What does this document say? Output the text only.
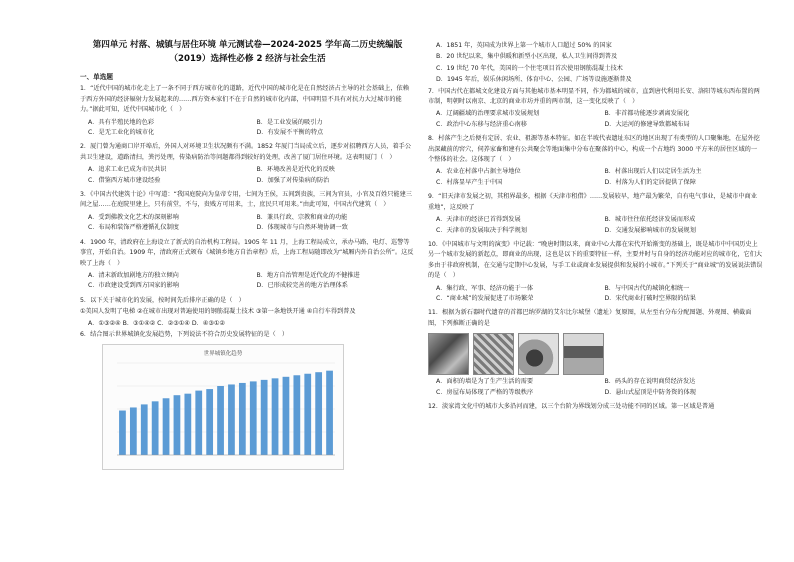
第四单元 村落、城镇与居住环境 单元测试卷—2024-2025 学年高二历史统编版
（2019）选择性必修 2 经济与社会生活
一、单选题
1．“近代中国的城市化走上了一条不同于西方城市化的道路，近代中国的城市化是在自然经济占主导的社会基础上，依赖于西方外国的经济辐射力发展起来的……西方资本家们不在于自然的城市化内部，中国明显不具有对抗力大过城市的能力。”据此可知，近代中国城市化（　）
A．具有半殖民地的色彩	B．是工业发展的吸引力
C．是无工业化的城市化	D．有发展不平衡的特点
2．厦门曾为通商口岸开埠后，外国人对环境卫生状况颇有不满。1852 年厦门当局成立后，逐步对招聘西方人员，着手公共卫生建设，道路清扫，粪污处理，传染病防治等问题都得到较好的处理，改善了厦门居住环境。这表明厦门（　）
A．追求工业已成为市民共识	B．环境改善是近代化的反映
C．借鉴西方城市建设经验	D．加强了对传染病的防治
3．《中国古代建筑十论》中写道：“我国庭院向为皇帝专用，七间为王侯，五间到贵族，三间为官员，小官及百姓只能建三间之屋……在庭院里建上，只有前堂，不与，贵贱方可用来，士，庶民只可用来。”由此可知，中国古代建筑（　）
A．受到佛教文化艺术的深刻影响	B．兼具行政、宗教和商业的功能
C．布局和装饰严格遵循礼仪制度	D．体现城市与自然环境协调一致
4．1900 年，清政府在上海设立了新式的自治机构工程局。1905 年 11 月，上海工程局成立，承办马路、电灯、巡警等事宜，开始自治。1909 年，清政府正式颁布《城镇乡地方自治章程》后，上海工程局随即改为“城厢内外自治公所”。这反映了上海（　）
A．清末新政加剧地方的独立倾向	B．地方自治管理是近代化的不健推进
C．市政建设受到西方国家的影响	D．已形成较完善的地方治理体系
5．以下关于城市化的发展，按时间先后排序正确的是（　）
①美国人发明了电梯 ②在城市出现对普遍使用的钢筋混凝土技术 ③第一条地铁开通 ④自行车得到普及
A．①③②④ B．③①④② C．②③①④ D．④③①②
6．结合图示世界城镇化发展趋势，下列说法不符合历史发展特征的是（　）
世界城镇化趋势
A．1851 年，英国成为世界上第一个城市人口超过 50% 的国家
B．20 世纪以来，集中供暖和新型小区出现，私人卫生间得到普及
C．19 世纪 70 年代，美国的一个住宅项目首次使用钢筋混凝土技术
D．1945 年后，娱乐休闲场所、体育中心、公园、广场等设施逐渐普及
7．中国古代在都城文化建设方面与其他城市基本明显不同，作为都城的城市，直到唐代利用长安、洛阳等城东西布置的两市制，明朝时以南京、北京的商业市坊并重的两市制，这一变化反映了（　）
A．辽阔疆域的治理要求城市发展规划	B．非首都功能逐步剥离发展化
C．政治中心东移与经济重心南移	D．大运河的修建导致都城布局
8．村落产生之后便有定居、农业、祖源等基本特征。如在半坡代表遗址东区的地区出现了有类型的人口聚集地，在屋外挖出深藏前的窖穴，伺养家畜和建有公共聚会等地面集中分布在聚落的中心，构成一个占地约 3000 平方米的居住区域的一个整体的社会。这体现了（　）
A．农业在村落中占据主导地位	B．村落出现后人们以定居生活为主
C．村落显早产生于中国	D．村落为人们的定居提供了保障
9．“旧天津市发展之初，其租界最多，根据《天津市租借》……发展较早，地产最为繁荣，自有电气事业，是城市中商业重地”，这反映了
A．天津市的经济已首得到发展	B．城市往往依托经济发展而形成
C．天津市的发展取决于科学规划	D．交通发展影响城市的发展规划
10．《中国城市与文明的演变》中记载：“晚唐时期以来，商业中心大都在宋代开始渐变的基础上，既是城市中中国历史上另一个城市发展的新起点，即商业的出现，这也是以下的重要特征一样，主要并时与自身的经济功能对应的城市化，它们大多由于非政府机制，在交通与定期中心发展，与手工业或商业发展提供和发展的小城市。”下列关于“商业城”的发展说法错误的是（　）
A．集行政、军事、经济功能于一体	B．与中国古代的城镇化相统一
C．“商业城”的发展促进了市场繁荣	D．宋代商业打破时空界限的结果
11．根据为新石器时代遗存的首都巴纳罗湖的艾尔比尔城堡（遗址）复原图，从左至右分布分配图题、外观图、横截面图，下列推断正确的是
A．面积的墙是为了生产生活的需要	B．码头的存在说明商贸经济发达
C．房屋布局体现了严格的等级秩序	D．悬山式屋顶是中防务资的体现
12．淡家湾文化中的城市大多沿河而建，以三个台阶为界线划分成三处功能不同的区域。第一区域是普通
